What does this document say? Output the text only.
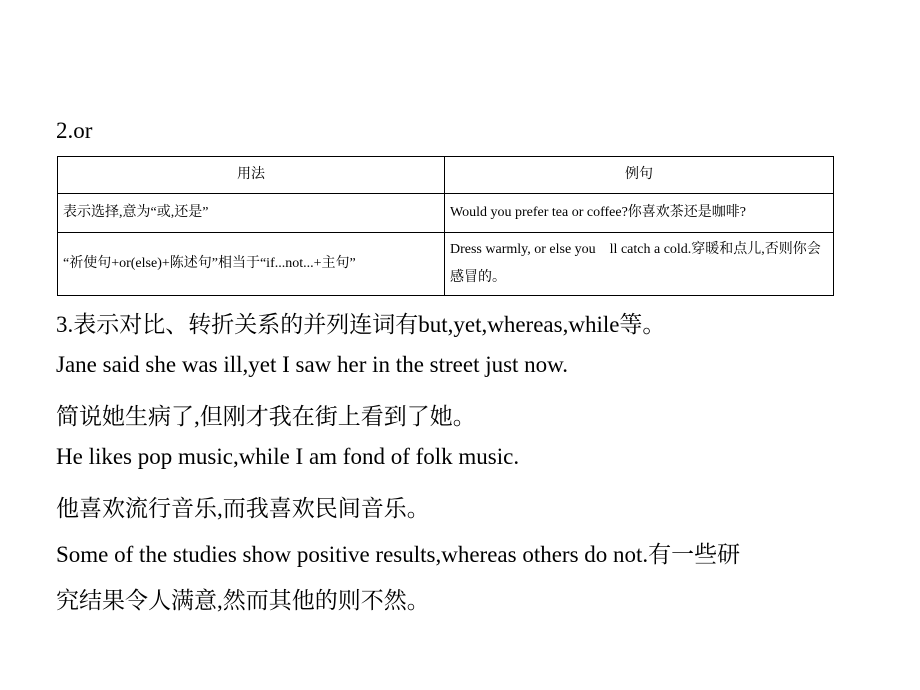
2.or
用法	例句
表示选择,意为“或,还是”	Would you prefer tea or coffee?你喜欢茶还是咖啡?
“祈使句+or(else)+陈述句”相当于“if...not...+主句”	Dress warmly, or else you　ll catch a cold.穿暖和点儿,否则你会感冒的。
3.表示对比、转折关系的并列连词有but,yet,whereas,while等。
Jane said she was ill,yet I saw her in the street just now.
简说她生病了,但刚才我在街上看到了她。
He likes pop music,while I am fond of folk music.
他喜欢流行音乐,而我喜欢民间音乐。
Some of the studies show positive results,whereas others do not.有一些研
究结果令人满意,然而其他的则不然。
